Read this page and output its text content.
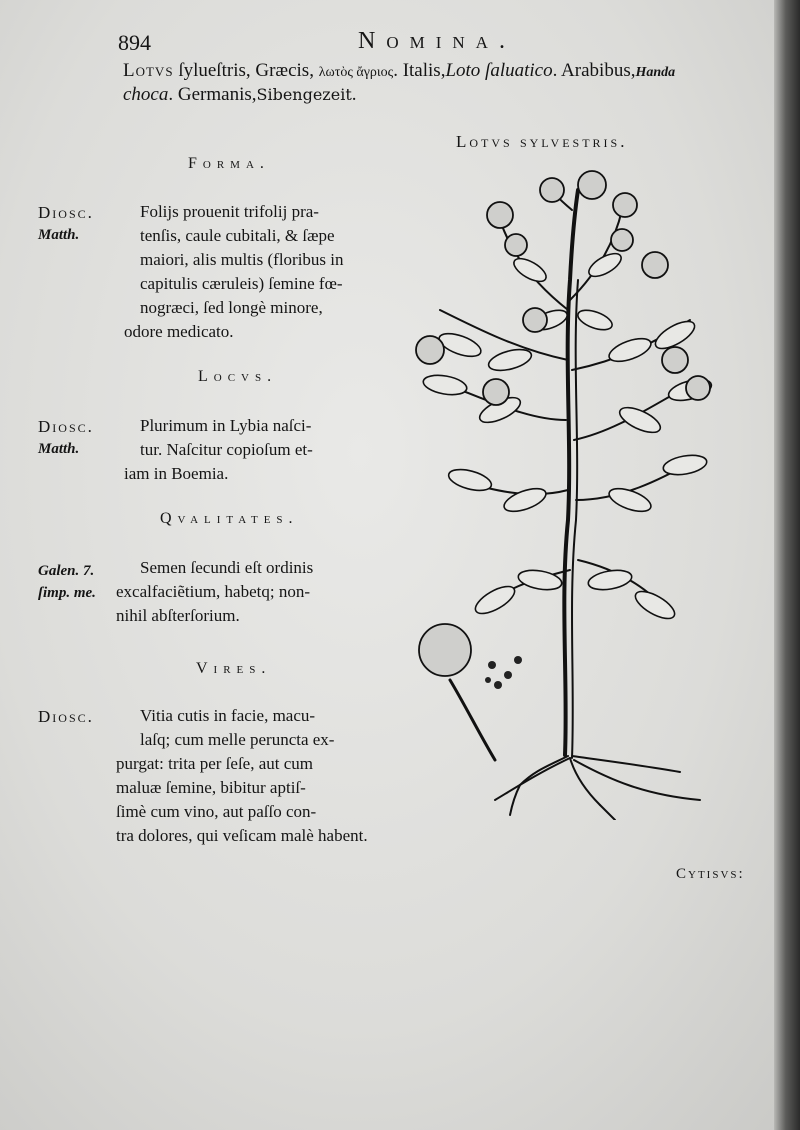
894	Nomina.
Lotvs ſylueſtris, Græcis, λωτὸς ἄγριος. Italis,Loto ſaluatico. Arabibus,Handa
choca. Germanis,Sibengezeit.
Lotvs sylvestris.
Forma.
Diosc.
Matth.
Folijs prouenit trifolij pra-
tenſis, caule cubitali, & ſæpe
maiori, alis multis (floribus in
capitulis cæruleis) ſemine fœ-
nogræci, ſed longè minore,
odore medicato.
Locvs.
Diosc.
Matth.
Plurimum in Lybia naſci-
tur. Naſcitur copioſum et-
iam in Boemia.
Qvalitates.
Galen. 7.
ſimp. me.
Semen ſecundi eſt ordinis
excalfaciẽtium, habetq; non-
nihil abſterſorium.
Vires.
Diosc.	Vitia cutis in facie, macu-
laſq; cum melle perunctа ex-
purgat: trita per ſeſe, aut cum
maluæ ſemine, bibitur aptiſ-
ſimè cum vino, aut paſſo con-
tra dolores, qui veſicam malè habent.
Cytisvs:
